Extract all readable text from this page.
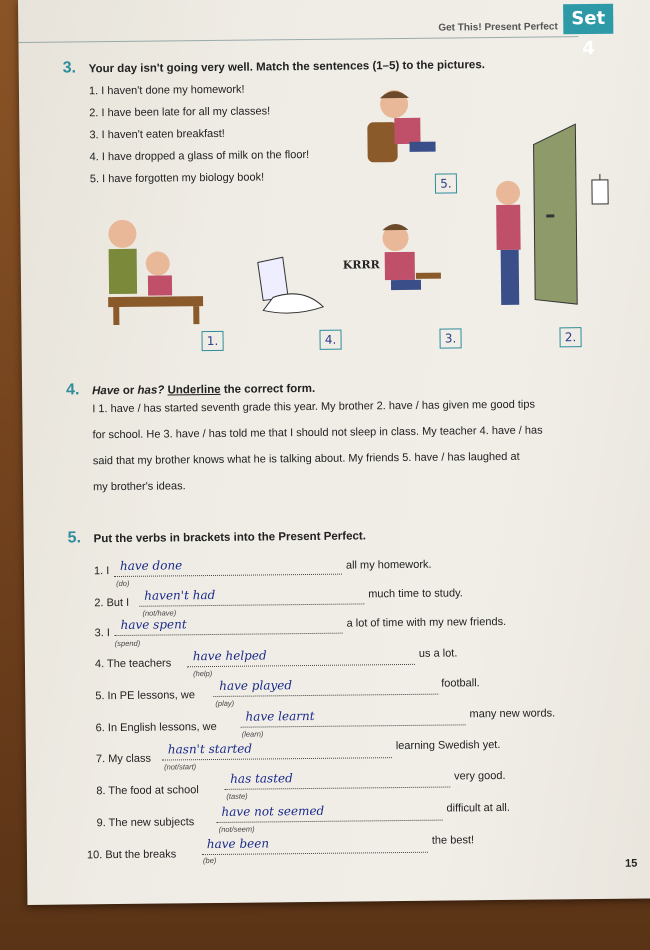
Get This! Present Perfect Set 4
3. Your day isn't going very well. Match the sentences (1–5) to the pictures.
1. I haven't done my homework!
2. I have been late for all my classes!
3. I haven't eaten breakfast!
4. I have dropped a glass of milk on the floor!
5. I have forgotten my biology book!
KRRR
1.	4.	3.	2.
5.
4. Have or has? Underline the correct form.
I 1. have / has started seventh grade this year. My brother 2. have / has given me good tips
for school. He 3. have / has told me that I should not sleep in class. My teacher 4. have / has
said that my brother knows what he is talking about. My friends 5. have / has laughed at
my brother's ideas.
5. Put the verbs in brackets into the Present Perfect.
1. I have done
(do)
all my homework.
2. But I
haven't had
(not/have)
much time to study.
3. I
have spent
(spend)
a lot of time with my new friends.
4. The teachers
have helped
(help)
us a lot.
5. In PE lessons, we
have played
(play)
football.
6. In English lessons, we
have learnt
(learn)
many new words.
7. My class
hasn't started
(not/start)
learning Swedish yet.
8. The food at school
has tasted
(taste)
very good.
9. The new subjects
have not seemed
(not/seem)
difficult at all.
10. But the breaks
have been
(be)
the best!
15
